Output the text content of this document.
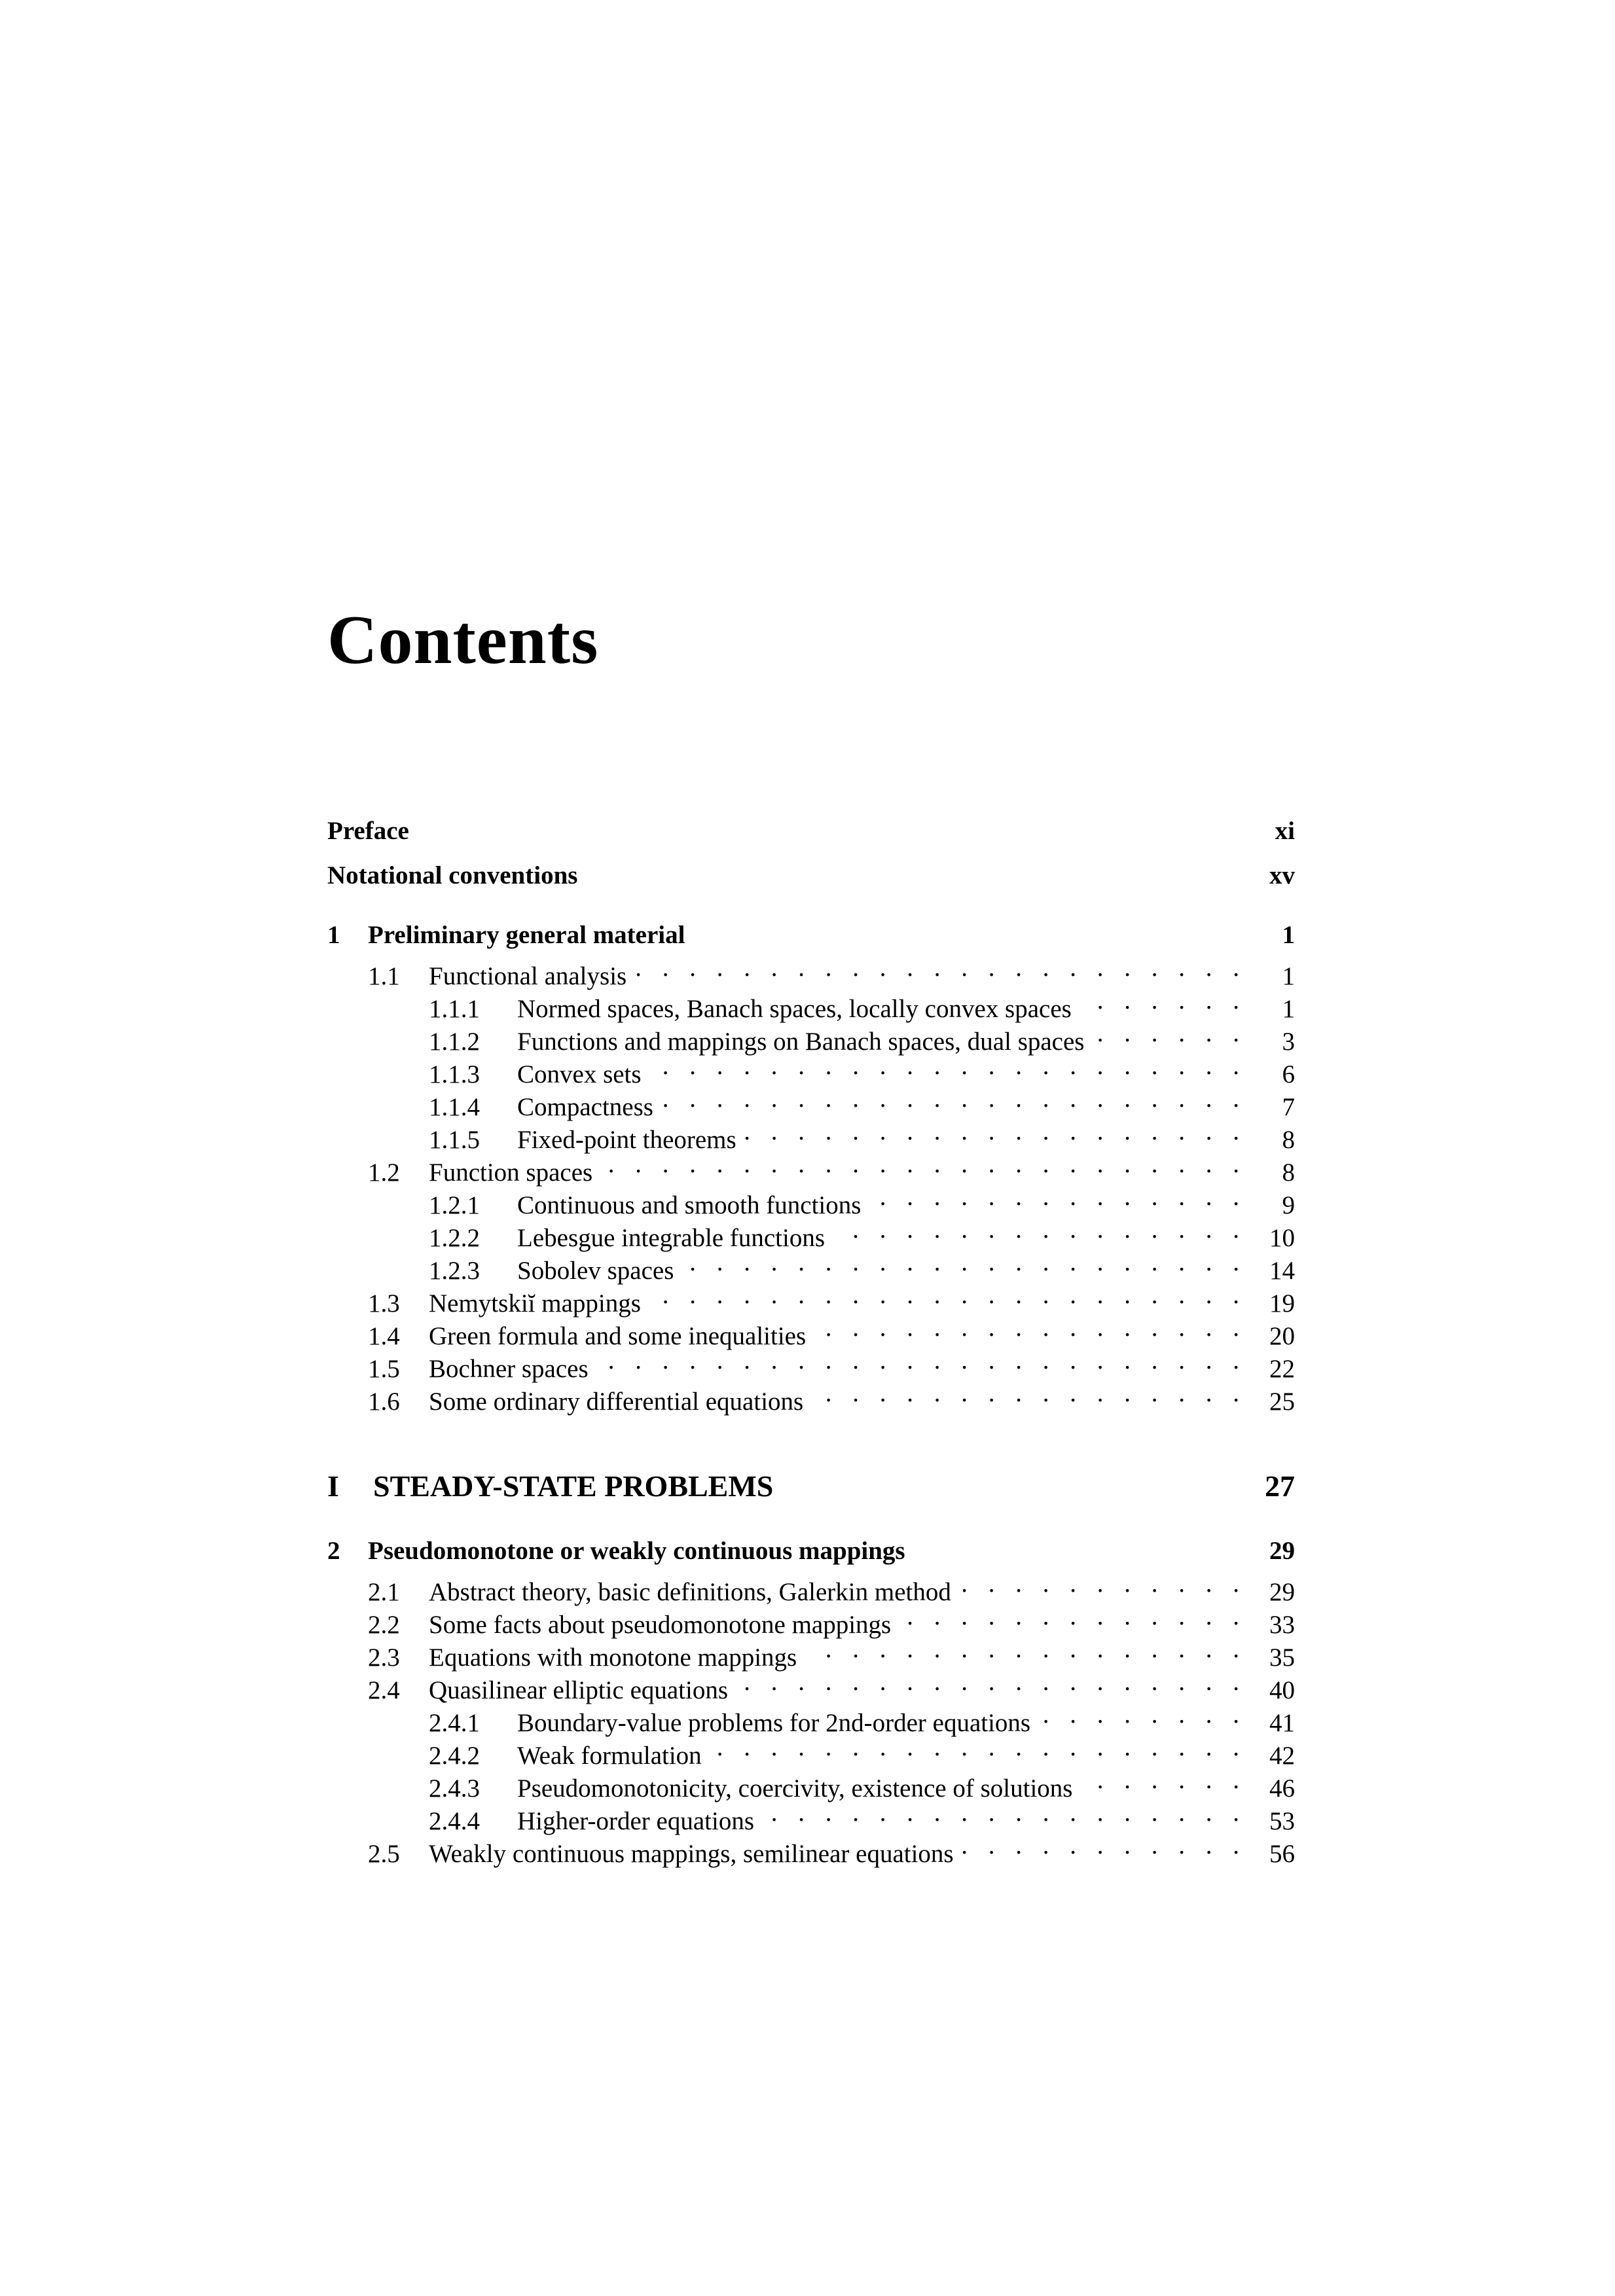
Contents
Preface	xi
Notational conventions	xv
1	Preliminary general material	1
1.1	Functional analysis . . .	1
1.1.1	Normed spaces, Banach spaces, locally convex spaces . . .	1
1.1.2	Functions and mappings on Banach spaces, dual spaces . . .	3
1.1.3	Convex sets . . .	6
1.1.4	Compactness . . .	7
1.1.5	Fixed-point theorems . . .	8
1.2	Function spaces . . .	8
1.2.1	Continuous and smooth functions . . .	9
1.2.2	Lebesgue integrable functions . . .	10
1.2.3	Sobolev spaces . . .	14
1.3	Nemytskiĭ mappings . . .	19
1.4	Green formula and some inequalities . . .	20
1.5	Bochner spaces . . .	22
1.6	Some ordinary differential equations . . .	25
I	STEADY-STATE PROBLEMS	27
2	Pseudomonotone or weakly continuous mappings	29
2.1	Abstract theory, basic definitions, Galerkin method . . .	29
2.2	Some facts about pseudomonotone mappings . . .	33
2.3	Equations with monotone mappings . . .	35
2.4	Quasilinear elliptic equations . . .	40
2.4.1	Boundary-value problems for 2nd-order equations . . .	41
2.4.2	Weak formulation . . .	42
2.4.3	Pseudomonotonicity, coercivity, existence of solutions . . .	46
2.4.4	Higher-order equations . . .	53
2.5	Weakly continuous mappings, semilinear equations . . .	56
